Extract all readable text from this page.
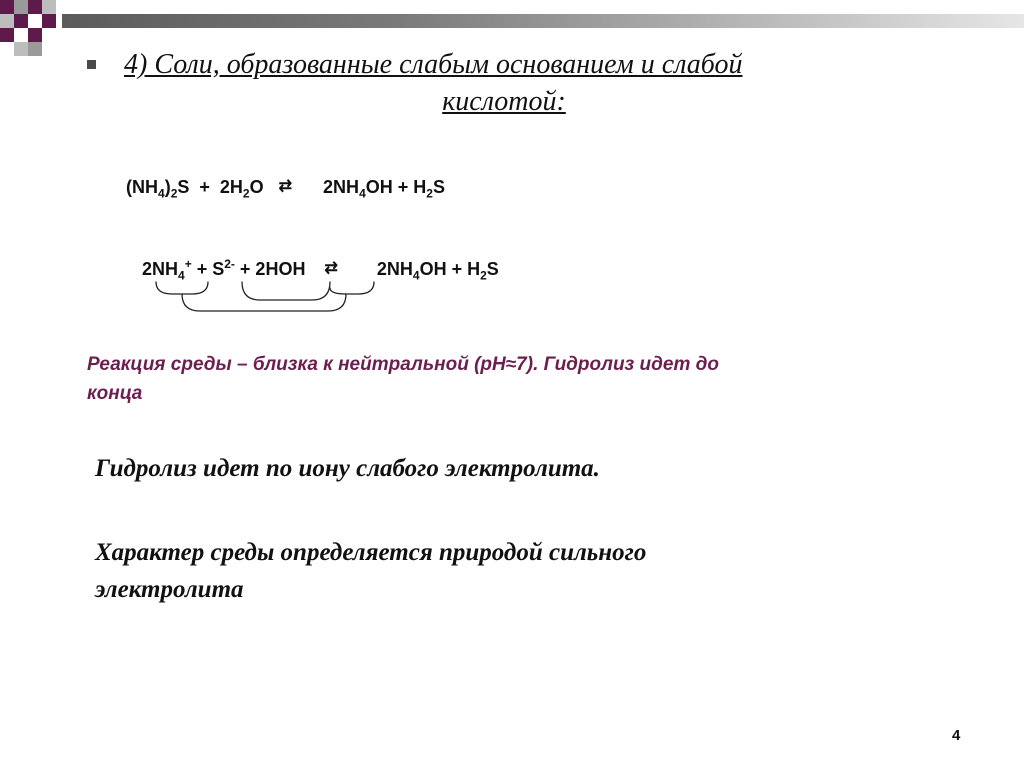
4) Соли, образованные слабым основанием и слабой
кислотой:
$(NH_4)_2S + 2H_2O$ ⇄ $2NH_4OH + H_2S$
$2NH_4^+ + S^{2-} + 2HOH$ ⇄ $2NH_4OH + H_2S$

Реакция среды – близка к нейтральной (рН≈7). Гидролиз идет до
конца

Гидролиз идет по иону слабого электролита.

Характер среды определяется природой сильного
электролита

4
